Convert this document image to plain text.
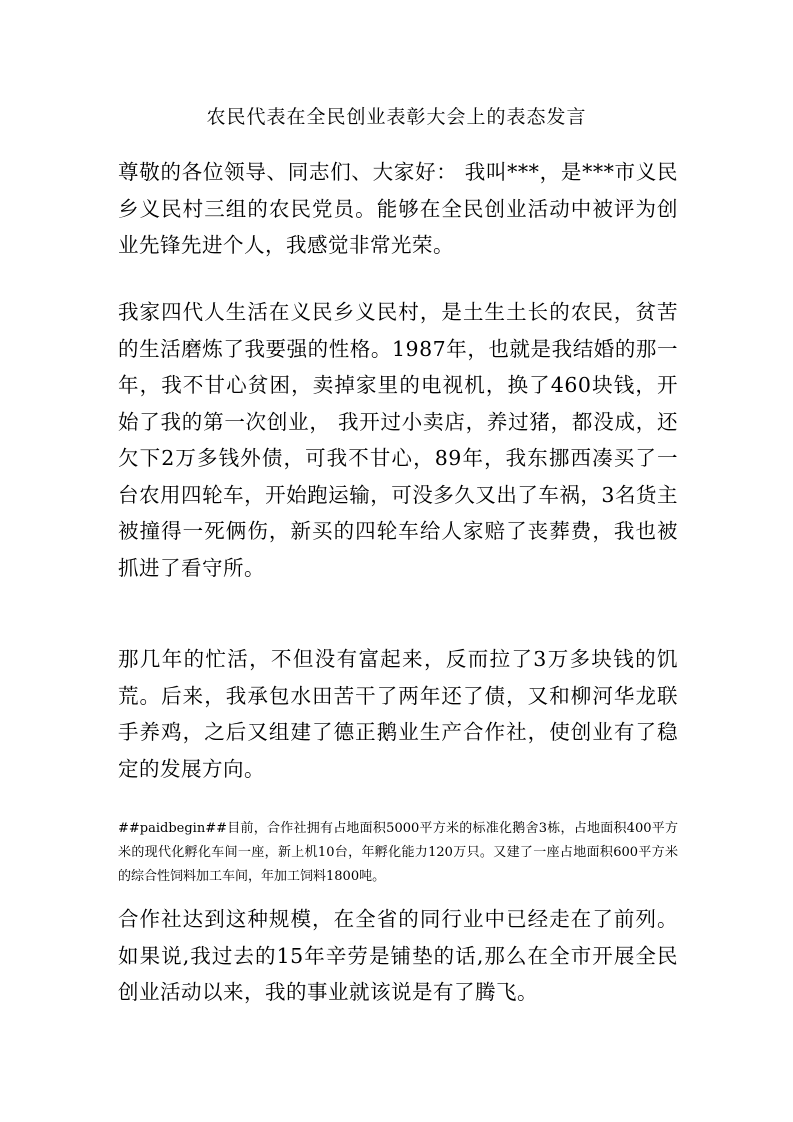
农民代表在全民创业表彰大会上的表态发言

尊敬的各位领导、同志们、大家好： 我叫***，是***市义民乡义民村三组的农民党员。能够在全民创业活动中被评为创业先锋先进个人，我感觉非常光荣。

我家四代人生活在义民乡义民村，是土生土长的农民，贫苦的生活磨炼了我要强的性格。1987年，也就是我结婚的那一年，我不甘心贫困，卖掉家里的电视机，换了460块钱，开始了我的第一次创业， 我开过小卖店，养过猪，都没成，还欠下2万多钱外债，可我不甘心，89年，我东挪西凑买了一台农用四轮车，开始跑运输，可没多久又出了车祸，3名货主被撞得一死俩伤，新买的四轮车给人家赔了丧葬费，我也被抓进了看守所。

那几年的忙活，不但没有富起来，反而拉了3万多块钱的饥荒。后来，我承包水田苦干了两年还了债，又和柳河华龙联手养鸡，之后又组建了德正鹅业生产合作社，使创业有了稳定的发展方向。

##paidbegin##目前，合作社拥有占地面积5000平方米的标准化鹅舍3栋，占地面积400平方米的现代化孵化车间一座，新上机10台，年孵化能力120万只。又建了一座占地面积600平方米的综合性饲料加工车间，年加工饲料1800吨。

合作社达到这种规模，在全省的同行业中已经走在了前列。如果说,我过去的15年辛劳是铺垫的话,那么在全市开展全民创业活动以来，我的事业就该说是有了腾飞。
